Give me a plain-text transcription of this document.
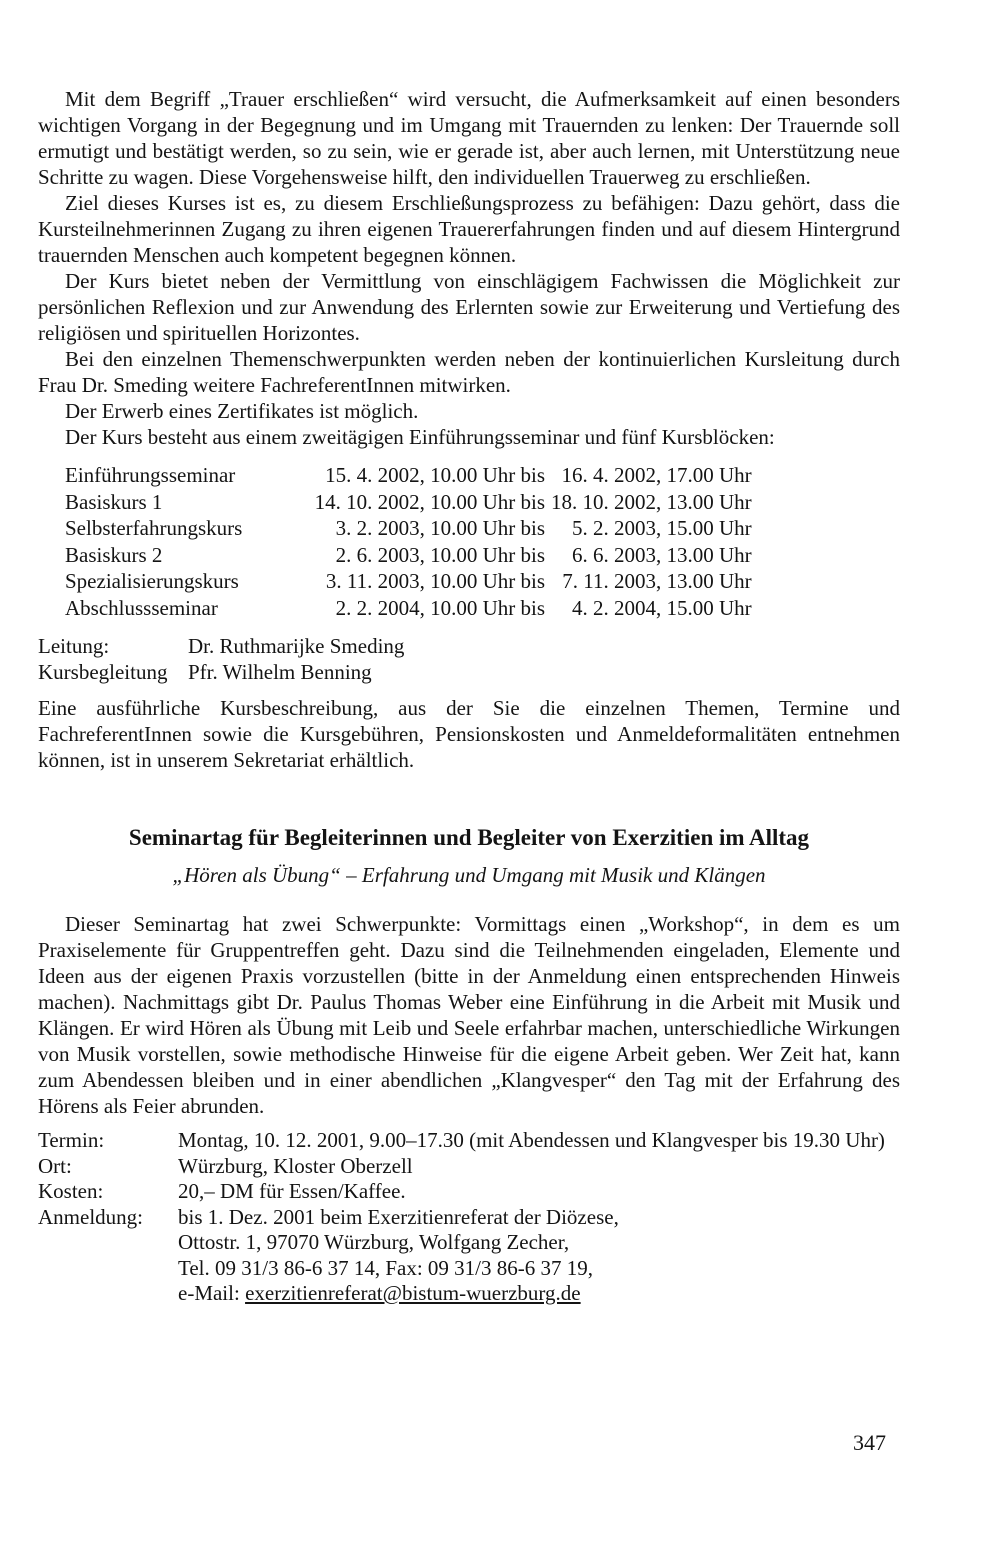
Mit dem Begriff „Trauer erschließen“ wird versucht, die Aufmerksamkeit auf einen besonders wichtigen Vorgang in der Begegnung und im Umgang mit Trauernden zu lenken: Der Trauernde soll ermutigt und bestätigt werden, so zu sein, wie er gerade ist, aber auch lernen, mit Unterstützung neue Schritte zu wagen. Diese Vorgehensweise hilft, den individuellen Trauerweg zu erschließen.

Ziel dieses Kurses ist es, zu diesem Erschließungsprozess zu befähigen: Dazu gehört, dass die Kursteilnehmerinnen Zugang zu ihren eigenen Trauererfahrungen finden und auf diesem Hintergrund trauernden Menschen auch kompetent begegnen können.

Der Kurs bietet neben der Vermittlung von einschlägigem Fachwissen die Möglichkeit zur persönlichen Reflexion und zur Anwendung des Erlernten sowie zur Erweiterung und Vertiefung des religiösen und spirituellen Horizontes.

Bei den einzelnen Themenschwerpunkten werden neben der kontinuierlichen Kursleitung durch Frau Dr. Smeding weitere FachreferentInnen mitwirken.

Der Erwerb eines Zertifikates ist möglich.

Der Kurs besteht aus einem zweitägigen Einführungsseminar und fünf Kursblöcken:

Einführungsseminar	15. 4. 2002, 10.00 Uhr bis	16. 4. 2002, 17.00 Uhr
Basiskurs 1	14. 10. 2002, 10.00 Uhr bis	18. 10. 2002, 13.00 Uhr
Selbsterfahrungskurs	3. 2. 2003, 10.00 Uhr bis	5. 2. 2003, 15.00 Uhr
Basiskurs 2	2. 6. 2003, 10.00 Uhr bis	6. 6. 2003, 13.00 Uhr
Spezialisierungskurs	3. 11. 2003, 10.00 Uhr bis	7. 11. 2003, 13.00 Uhr
Abschlussseminar	2. 2. 2004, 10.00 Uhr bis	4. 2. 2004, 15.00 Uhr
Leitung:	Dr. Ruthmarijke Smeding
Kursbegleitung	Pfr. Wilhelm Benning

Eine ausführliche Kursbeschreibung, aus der Sie die einzelnen Themen, Termine und FachreferentInnen sowie die Kursgebühren, Pensionskosten und Anmeldeformalitäten entnehmen können, ist in unserem Sekretariat erhältlich.

Seminartag für Begleiterinnen und Begleiter von Exerzitien im Alltag
„Hören als Übung“ – Erfahrung und Umgang mit Musik und Klängen

Dieser Seminartag hat zwei Schwerpunkte: Vormittags einen „Workshop“, in dem es um Praxiselemente für Gruppentreffen geht. Dazu sind die Teilnehmenden eingeladen, Elemente und Ideen aus der eigenen Praxis vorzustellen (bitte in der Anmeldung einen entsprechenden Hinweis machen). Nachmittags gibt Dr. Paulus Thomas Weber eine Einführung in die Arbeit mit Musik und Klängen. Er wird Hören als Übung mit Leib und Seele erfahrbar machen, unterschiedliche Wirkungen von Musik vorstellen, sowie methodische Hinweise für die eigene Arbeit geben. Wer Zeit hat, kann zum Abendessen bleiben und in einer abendlichen „Klangvesper“ den Tag mit der Erfahrung des Hörens als Feier abrunden.

Termin:	Montag, 10. 12. 2001, 9.00–17.30 (mit Abendessen und Klangvesper bis 19.30 Uhr)
Ort:	Würzburg, Kloster Oberzell
Kosten:	20,– DM für Essen/Kaffee.
Anmeldung:	bis 1. Dez. 2001 beim Exerzitienreferat der Diözese,
Ottostr. 1, 97070 Würzburg, Wolfgang Zecher,
Tel. 09 31/3 86-6 37 14, Fax: 09 31/3 86-6 37 19,
e-Mail: exerzitienreferat@bistum-wuerzburg.de
347
